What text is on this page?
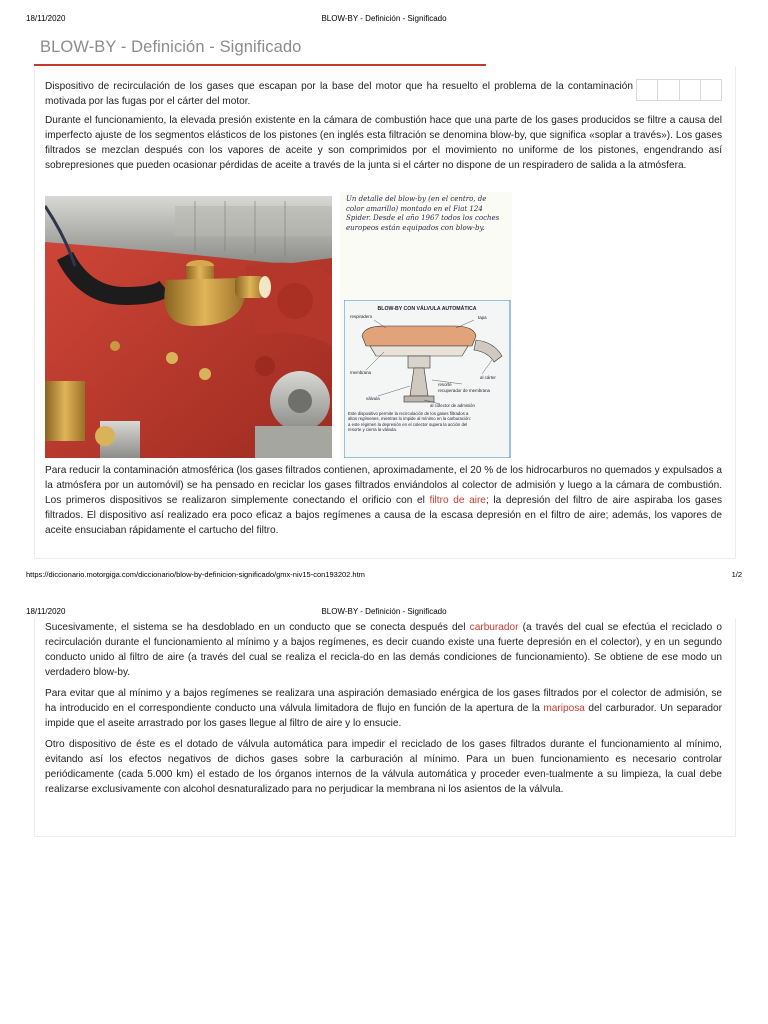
18/11/2020	BLOW-BY - Definición - Significado
BLOW-BY - Definición - Significado

Dispositivo de recirculación de los gases que escapan por la base del motor que ha resuelto el problema de la contaminación motivada por las fugas por el cárter del motor.

Durante el funcionamiento, la elevada presión existente en la cámara de combustión hace que una parte de los gases producidos se filtre a causa del imperfecto ajuste de los segmentos elásticos de los pistones (en inglés esta filtración se denomina blow-by, que significa «soplar a través»). Los gases filtrados se mezclan después con los vapores de aceite y son comprimidos por el movimiento no uniforme de los pistones, engendrando así sobrepresiones que pueden ocasionar pérdidas de aceite a través de la junta si el cárter no dispone de un respiradero de salida a la atmósfera.

Un detalle del blow-by (en el centro, de color amarillo) montado en el Fiat 124 Spider. Desde el año 1967 todos los coches europeos están equipados con blow-by.
BLOW-BY CON VÁLVULA AUTOMÁTICA
respiradero	tapa
membrana
al cárter
resorte
recuperador de membrana
válvula
al colector de admisión
Este dispositivo permite la recirculación de los gases filtrados a altos regímenes, mientras lo impide al mínimo en la carburación: a este régimen la depresión en el colector supera la acción del resorte y cierra la válvula.

Para reducir la contaminación atmosférica (los gases filtrados contienen, aproximadamente, el 20 % de los hidrocarburos no quemados y expulsados a la atmósfera por un automóvil) se ha pensado en reciclar los gases filtrados enviándolos al colector de admisión y luego a la cámara de combustión. Los primeros dispositivos se realizaron simplemente conectando el orificio con el filtro de aire; la depresión del filtro de aire aspiraba los gases filtrados. El dispositivo así realizado era poco eficaz a bajos regímenes a causa de la escasa depresión en el filtro de aire; además, los vapores de aceite ensuciaban rápidamente el cartucho del filtro.

https://diccionario.motorgiga.com/diccionario/blow-by-definicion-significado/gmx-niv15-con193202.htm	1/2
18/11/2020	BLOW-BY - Definición - Significado

Sucesivamente, el sistema se ha desdoblado en un conducto que se conecta después del carburador (a través del cual se efectúa el reciclado o recirculación durante el funcionamiento al mínimo y a bajos regímenes, es decir cuando existe una fuerte depresión en el colector), y en un segundo conducto unido al filtro de aire (a través del cual se realiza el recicla-do en las demás condiciones de funcionamiento). Se obtiene de ese modo un verdadero blow-by.

Para evitar que al mínimo y a bajos regímenes se realizara una aspiración demasiado enérgica de los gases filtrados por el colector de admisión, se ha introducido en el correspondiente conducto una válvula limitadora de flujo en función de la apertura de la mariposa del carburador. Un separador impide que el aseite arrastrado por los gases llegue al filtro de aire y lo ensucie.

Otro dispositivo de éste es el dotado de válvula automática para impedir el reciclado de los gases filtrados durante el funcionamiento al mínimo, evitando así los efectos negativos de dichos gases sobre la carburación al mínimo. Para un buen funcionamiento es necesario controlar periódicamente (cada 5.000 km) el estado de los órganos internos de la válvula automática y proceder even-tualmente a su limpieza, la cual debe realizarse exclusivamente con alcohol desnaturalizado para no perjudicar la membrana ni los asientos de la válvula.
